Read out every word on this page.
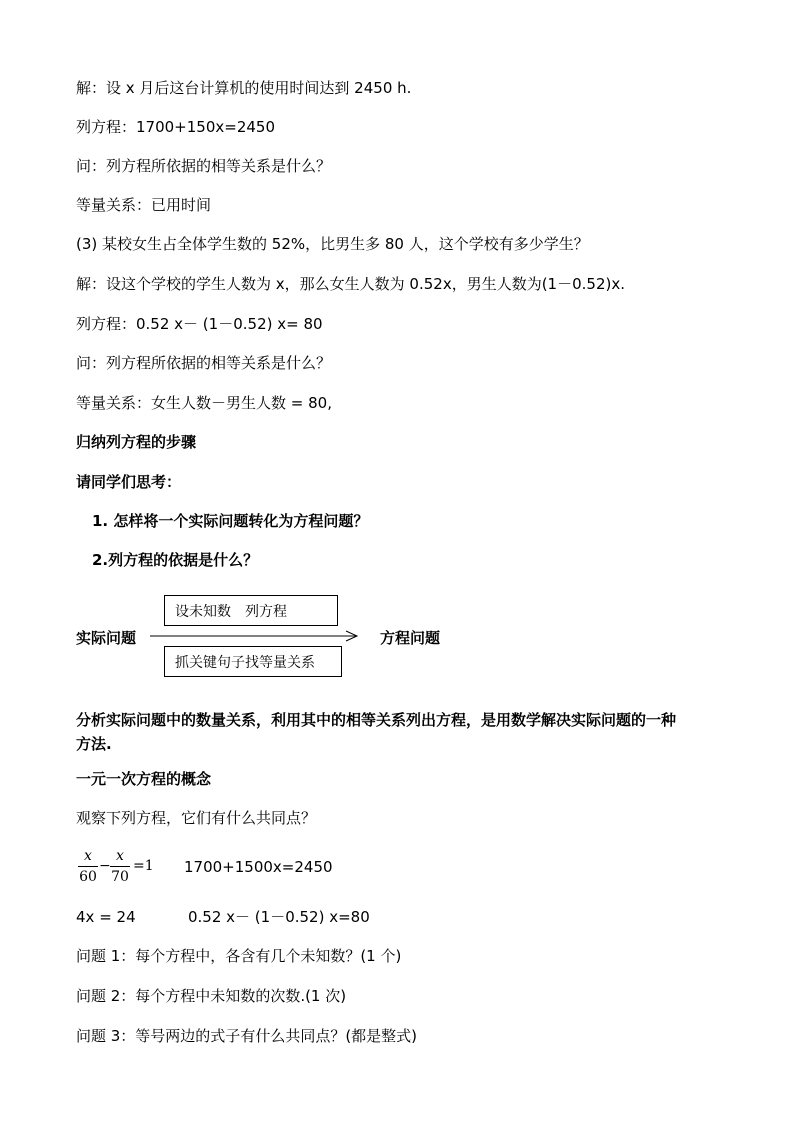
解：设 x 月后这台计算机的使用时间达到 2450 h.
列方程：1700+150x=2450
问：列方程所依据的相等关系是什么？
等量关系：已用时间
(3) 某校女生占全体学生数的 52%，比男生多 80 人，这个学校有多少学生？
解：设这个学校的学生人数为 x，那么女生人数为 0.52x，男生人数为(1－0.52)x.
列方程：0.52 x－ (1－0.52) x= 80
问：列方程所依据的相等关系是什么？
等量关系：女生人数－男生人数 = 80,
归纳列方程的步骤
请同学们思考：
1. 怎样将一个实际问题转化为方程问题？
2.列方程的依据是什么？
实际问题
设未知数　列方程
抓关键句子找等量关系
方程问题
分析实际问题中的数量关系，利用其中的相等关系列出方程，是用数学解决实际问题的一种
方法.
一元一次方程的概念
观察下列方程，它们有什么共同点？
x
60
−
x
70
=1 1700+1500x=2450
4x = 24	0.52 x－ (1－0.52) x=80
问题 1：每个方程中，各含有几个未知数？(1 个)
问题 2：每个方程中未知数的次数.(1 次)
问题 3：等号两边的式子有什么共同点？(都是整式)
